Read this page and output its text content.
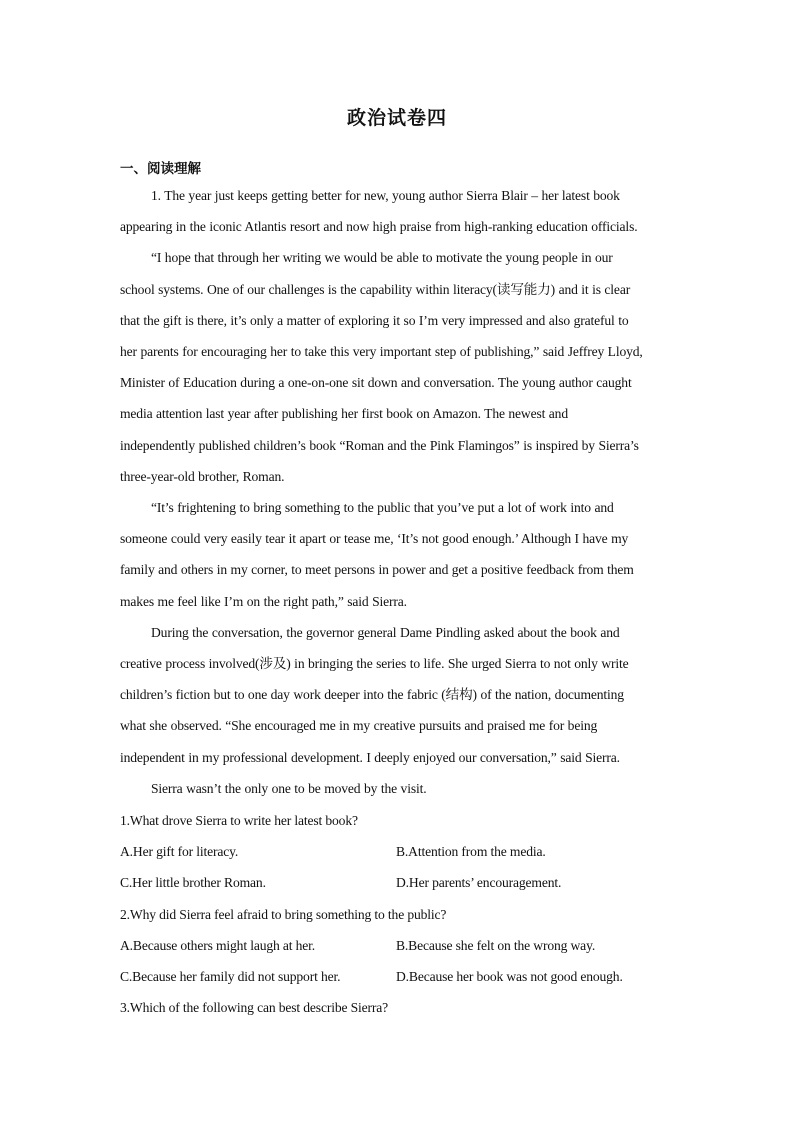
政治试卷四
一、阅读理解

1. The year just keeps getting better for new, young author Sierra Blair – her latest book

appearing in the iconic Atlantis resort and now high praise from high-ranking education officials.

“I hope that through her writing we would be able to motivate the young people in our

school systems. One of our challenges is the capability within literacy(读写能力) and it is clear

that the gift is there, it’s only a matter of exploring it so I’m very impressed and also grateful to

her parents for encouraging her to take this very important step of publishing,” said Jeffrey Lloyd,

Minister of Education during a one-on-one sit down and conversation. The young author caught

media attention last year after publishing her first book on Amazon. The newest and

independently published children’s book “Roman and the Pink Flamingos” is inspired by Sierra’s

three-year-old brother, Roman.

“It’s frightening to bring something to the public that you’ve put a lot of work into and

someone could very easily tear it apart or tease me, ‘It’s not good enough.’ Although I have my

family and others in my corner, to meet persons in power and get a positive feedback from them

makes me feel like I’m on the right path,” said Sierra.

During the conversation, the governor general Dame Pindling asked about the book and

creative process involved(涉及) in bringing the series to life. She urged Sierra to not only write

children’s fiction but to one day work deeper into the fabric (结构) of the nation, documenting

what she observed. “She encouraged me in my creative pursuits and praised me for being

independent in my professional development. I deeply enjoyed our conversation,” said Sierra.

Sierra wasn’t the only one to be moved by the visit.

1.What drove Sierra to write her latest book?

A.Her gift for literacy.	B.Attention from the media.
C.Her little brother Roman.	D.Her parents’ encouragement.

2.Why did Sierra feel afraid to bring something to the public?

A.Because others might laugh at her.	B.Because she felt on the wrong way.
C.Because her family did not support her.	D.Because her book was not good enough.

3.Which of the following can best describe Sierra?
